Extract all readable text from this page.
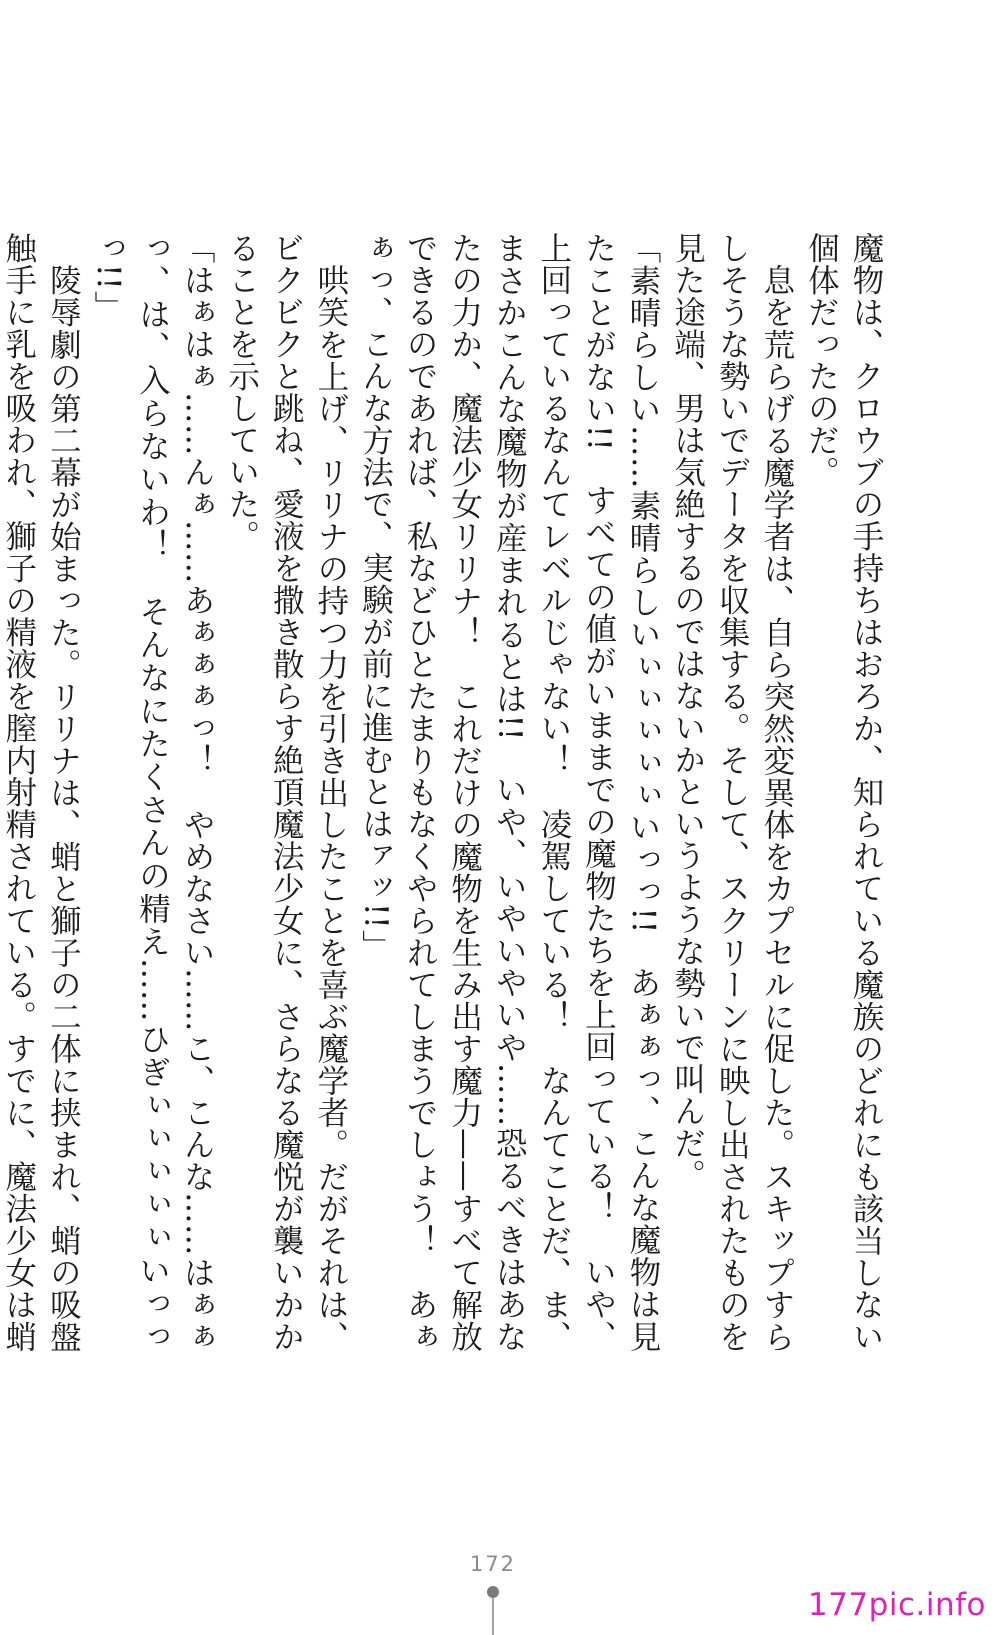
魔物は、クロウブの手持ちはおろか、知られている魔族のどれにも該当しない個体だったのだ。

息を荒らげる魔学者は、自ら突然変異体をカプセルに促した。スキップすらしそうな勢いでデータを収集する。そして、スクリーンに映し出されたものを見た途端、男は気絶するのではないかというような勢いで叫んだ。

「素晴らしい……素晴らしいぃぃぃぃぃいっっ!!　あぁぁっ、こんな魔物は見たことがない!!　すべての値がいままでの魔物たちを上回っている！　いや、上回っているなんてレベルじゃない！　凌駕している！　なんてことだ、ま、まさかこんな魔物が産まれるとは!!　いや、いやいやいや……恐るべきはあなたの力か、魔法少女リリナ！　これだけの魔物を生み出す魔力——すべて解放できるのであれば、私などひとたまりもなくやられてしまうでしょう！　あぁぁっ、こんな方法で、実験が前に進むとはァッ!!」

哄笑を上げ、リリナの持つ力を引き出したことを喜ぶ魔学者。だがそれは、ビクビクと跳ね、愛液を撒き散らす絶頂魔法少女に、さらなる魔悦が襲いかかることを示していた。

「はぁはぁ……んぁ……あぁぁぁっ！　やめなさい……こ、こんな……はぁぁっ、は、入らないわ！　そんなにたくさんの精え……ひぎぃぃぃぃぃいっっっ!!」

陵辱劇の第二幕が始まった。リリナは、蛸と獅子の二体に挟まれ、蛸の吸盤触手に乳を吸われ、獅子の精液を膣内射精されている。すでに、魔法少女は蛸

172
177pic.info
